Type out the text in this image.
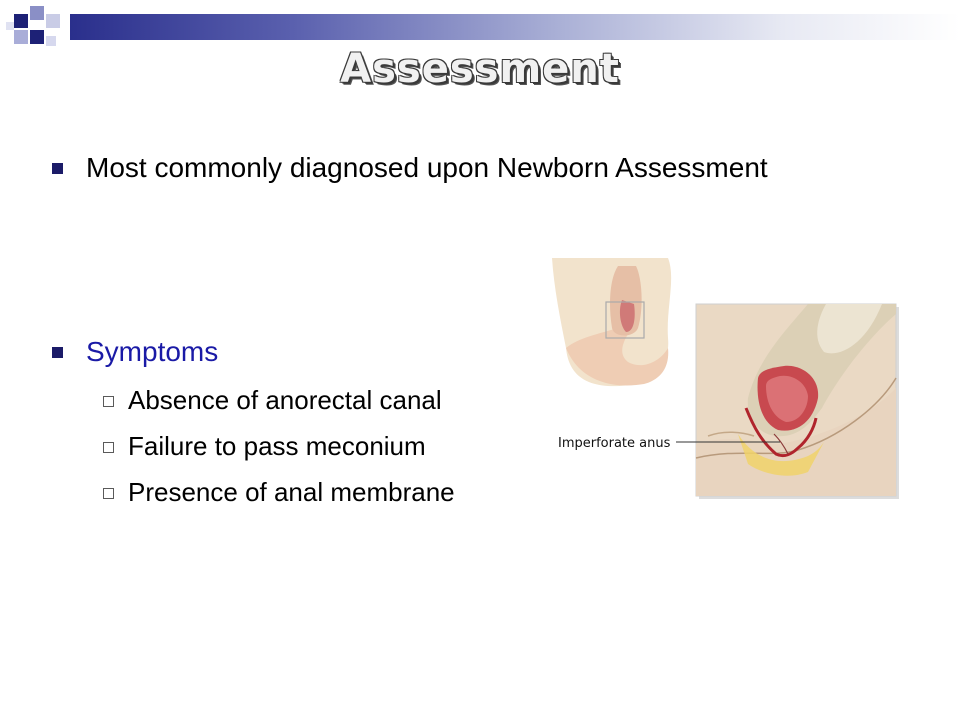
Assessment
Most commonly diagnosed upon Newborn Assessment
Symptoms
Absence of anorectal canal
Failure to pass meconium
Presence of anal membrane
Imperforate anus
